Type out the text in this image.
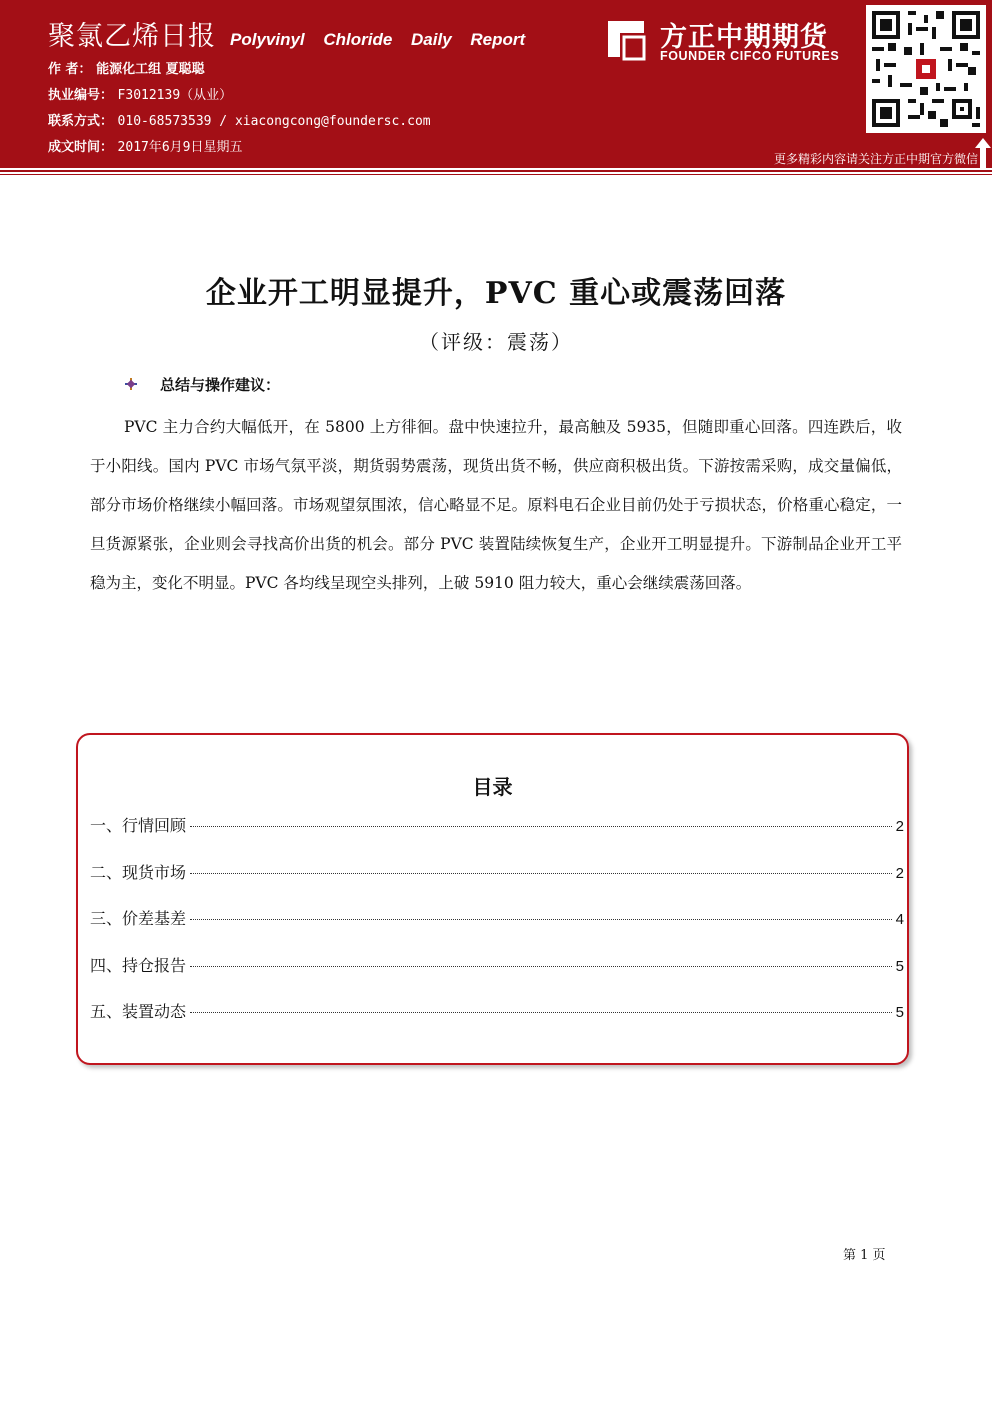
聚氯乙烯日报 Polyvinyl Chloride Daily Report
作 者： 能源化工组 夏聪聪
执业编号： F3012139（从业）
联系方式： 010-68573539 / xiacongcong@foundersc.com
成文时间： 2017年6月9日星期五
方正中期期货
FOUNDER CIFCO FUTURES
更多精彩内容请关注方正中期官方微信
企业开工明显提升，PVC 重心或震荡回落
（评级：震荡）
总结与操作建议：

PVC 主力合约大幅低开，在 5800 上方徘徊。盘中快速拉升，最高触及 5935，但随即重心回落。四连跌后，收于小阳线。国内 PVC 市场气氛平淡，期货弱势震荡，现货出货不畅，供应商积极出货。下游按需采购，成交量偏低，部分市场价格继续小幅回落。市场观望氛围浓，信心略显不足。原料电石企业目前仍处于亏损状态，价格重心稳定，一旦货源紧张，企业则会寻找高价出货的机会。部分 PVC 装置陆续恢复生产，企业开工明显提升。下游制品企业开工平稳为主，变化不明显。PVC 各均线呈现空头排列，上破 5910 阻力较大，重心会继续震荡回落。

目录
一、行情回顾	2
二、现货市场	2
三、价差基差	4
四、持仓报告	5
五、装置动态	5
第 1 页
